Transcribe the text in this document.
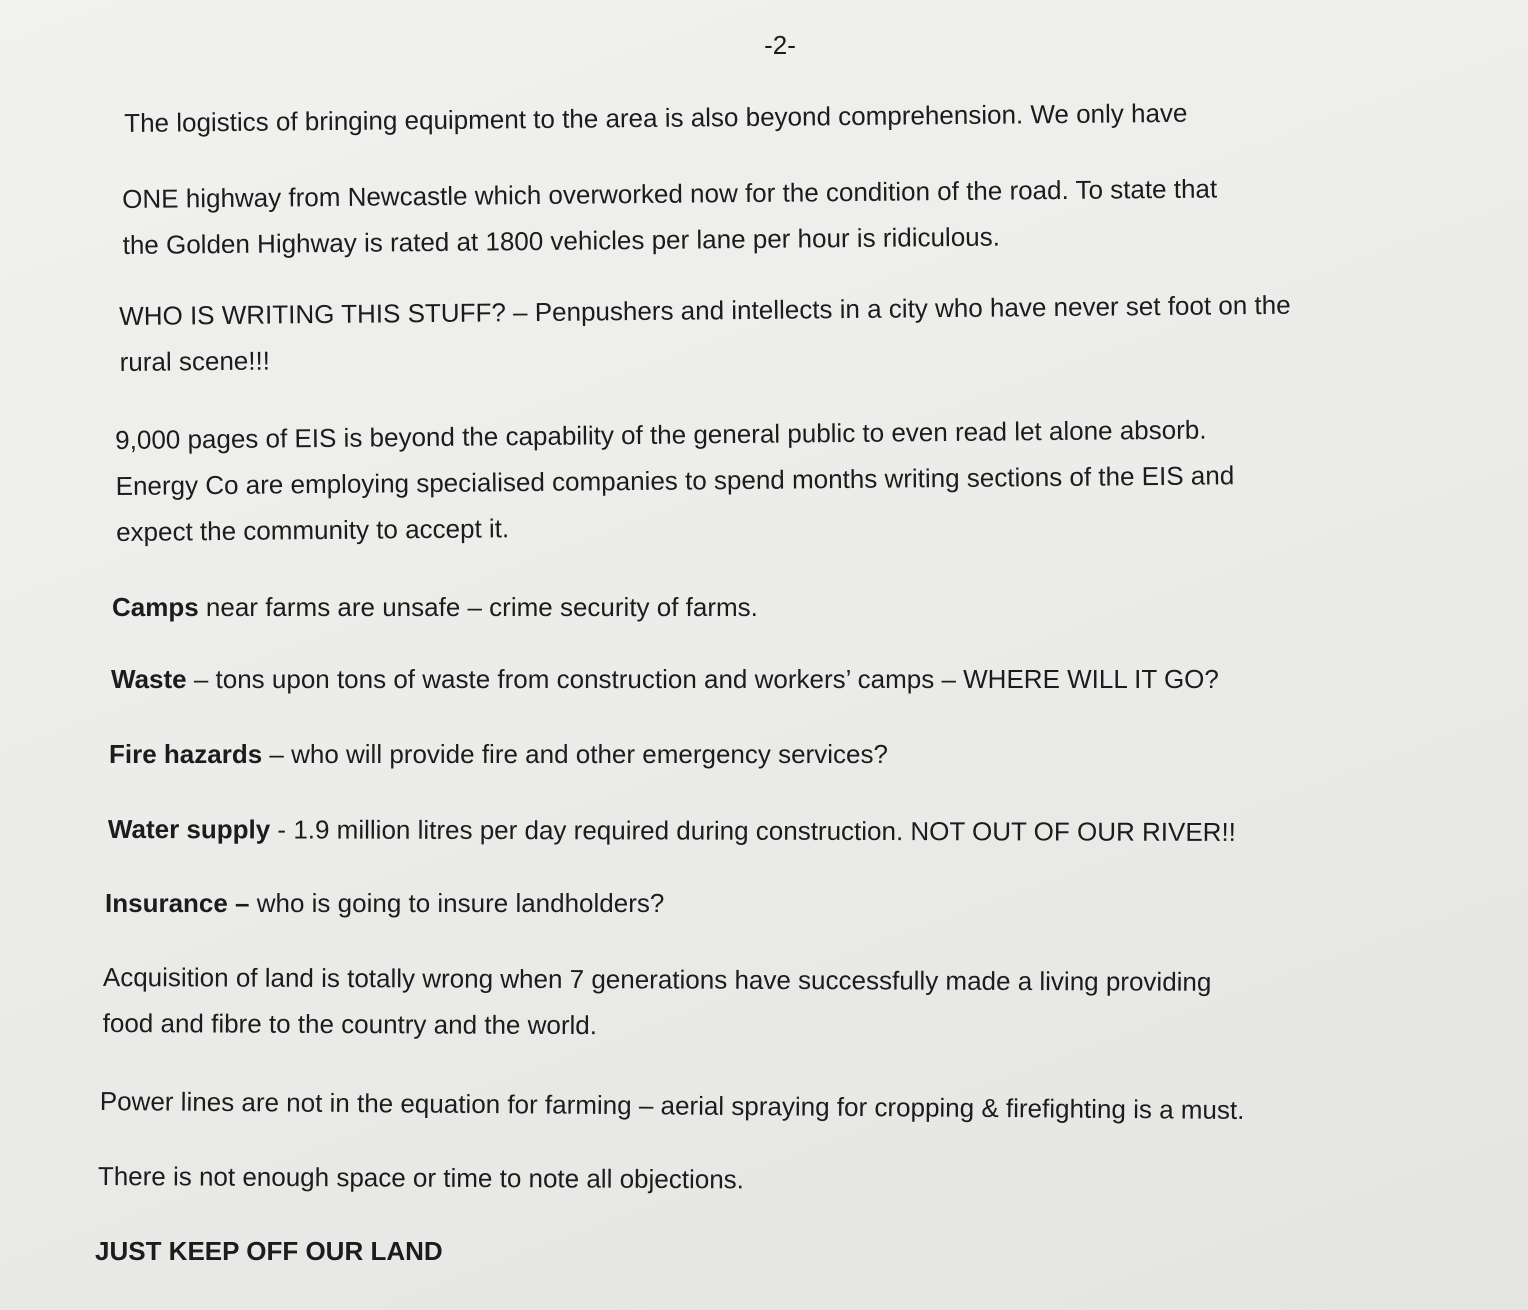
-2-

The logistics of bringing equipment to the area is also beyond comprehension. We only have

ONE highway from Newcastle which overworked now for the condition of the road. To state that
the Golden Highway is rated at 1800 vehicles per lane per hour is ridiculous.

WHO IS WRITING THIS STUFF? – Penpushers and intellects in a city who have never set foot on the
rural scene!!!

9,000 pages of EIS is beyond the capability of the general public to even read let alone absorb.
Energy Co are employing specialised companies to spend months writing sections of the EIS and
expect the community to accept it.

Camps near farms are unsafe – crime security of farms.

Waste – tons upon tons of waste from construction and workers’ camps – WHERE WILL IT GO?

Fire hazards – who will provide fire and other emergency services?

Water supply - 1.9 million litres per day required during construction. NOT OUT OF OUR RIVER!!

Insurance – who is going to insure landholders?

Acquisition of land is totally wrong when 7 generations have successfully made a living providing
food and fibre to the country and the world.

Power lines are not in the equation for farming – aerial spraying for cropping & firefighting is a must.

There is not enough space or time to note all objections.

JUST KEEP OFF OUR LAND
